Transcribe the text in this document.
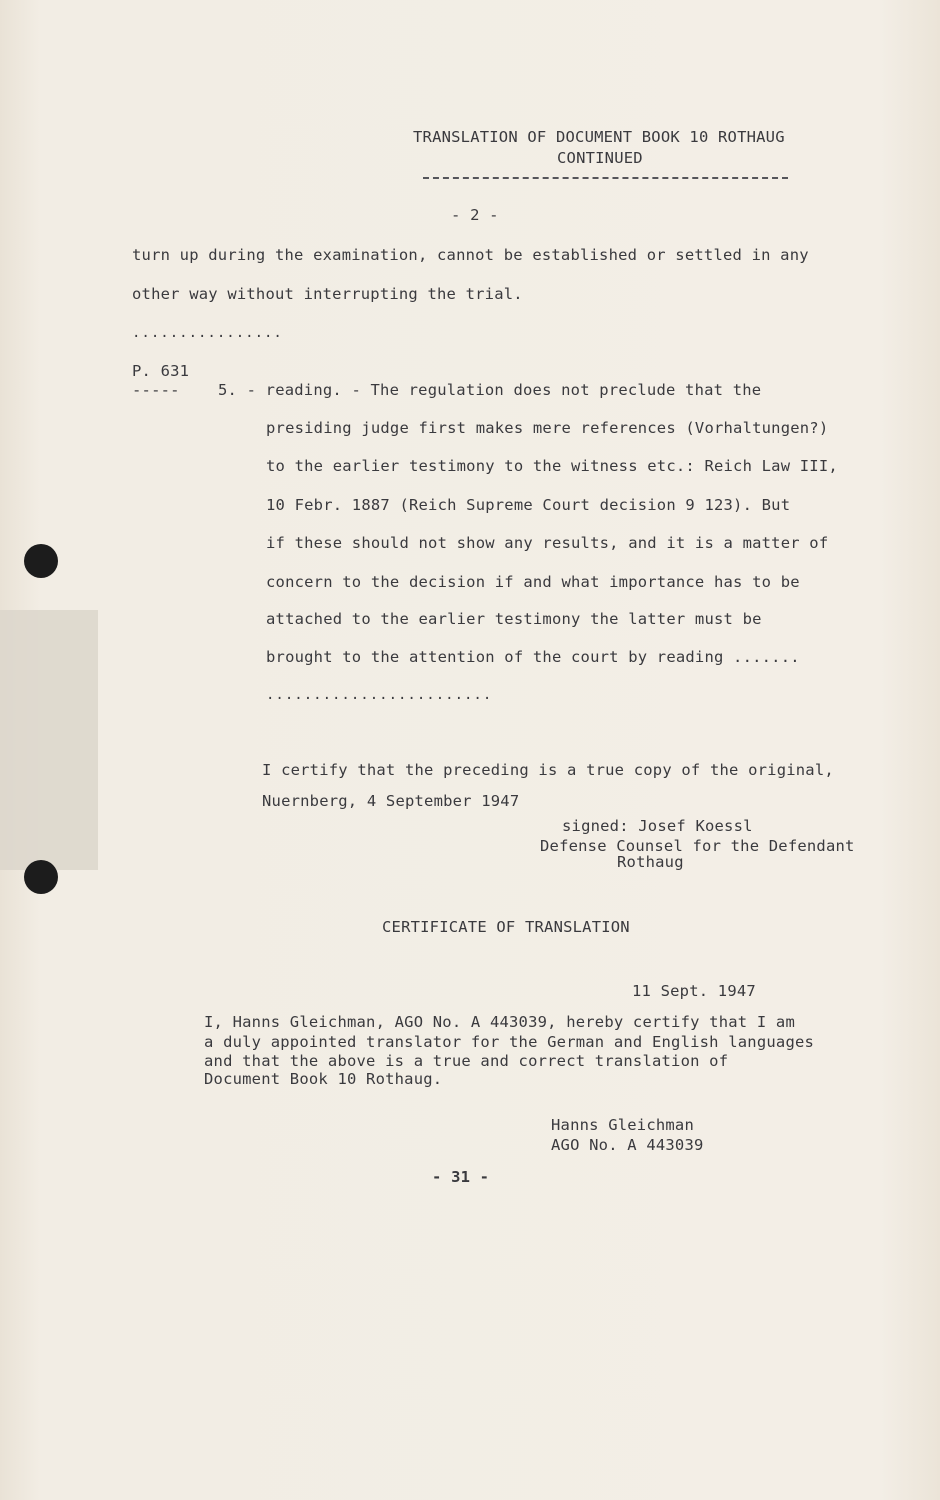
TRANSLATION OF DOCUMENT BOOK 10 ROTHAUG
CONTINUED
- 2 -
turn up during the examination, cannot be established or settled in any
other way without interrupting the trial.
................
P. 631
----- 5. - reading. - The regulation does not preclude that the
presiding judge first makes mere references (Vorhaltungen?)
to the earlier testimony to the witness etc.: Reich Law III,
10 Febr. 1887 (Reich Supreme Court decision 9 123). But
if these should not show any results, and it is a matter of
concern to the decision if and what importance has to be
attached to the earlier testimony the latter must be
brought to the attention of the court by reading .......
........................
I certify that the preceding is a true copy of the original,
Nuernberg, 4 September 1947
signed: Josef Koessl
Defense Counsel for the Defendant
Rothaug
CERTIFICATE OF TRANSLATION
11 Sept. 1947
I, Hanns Gleichman, AGO No. A 443039, hereby certify that I am
a duly appointed translator for the German and English languages
and that the above is a true and correct translation of
Document Book 10 Rothaug.
Hanns Gleichman
AGO No. A 443039
- 31 -
